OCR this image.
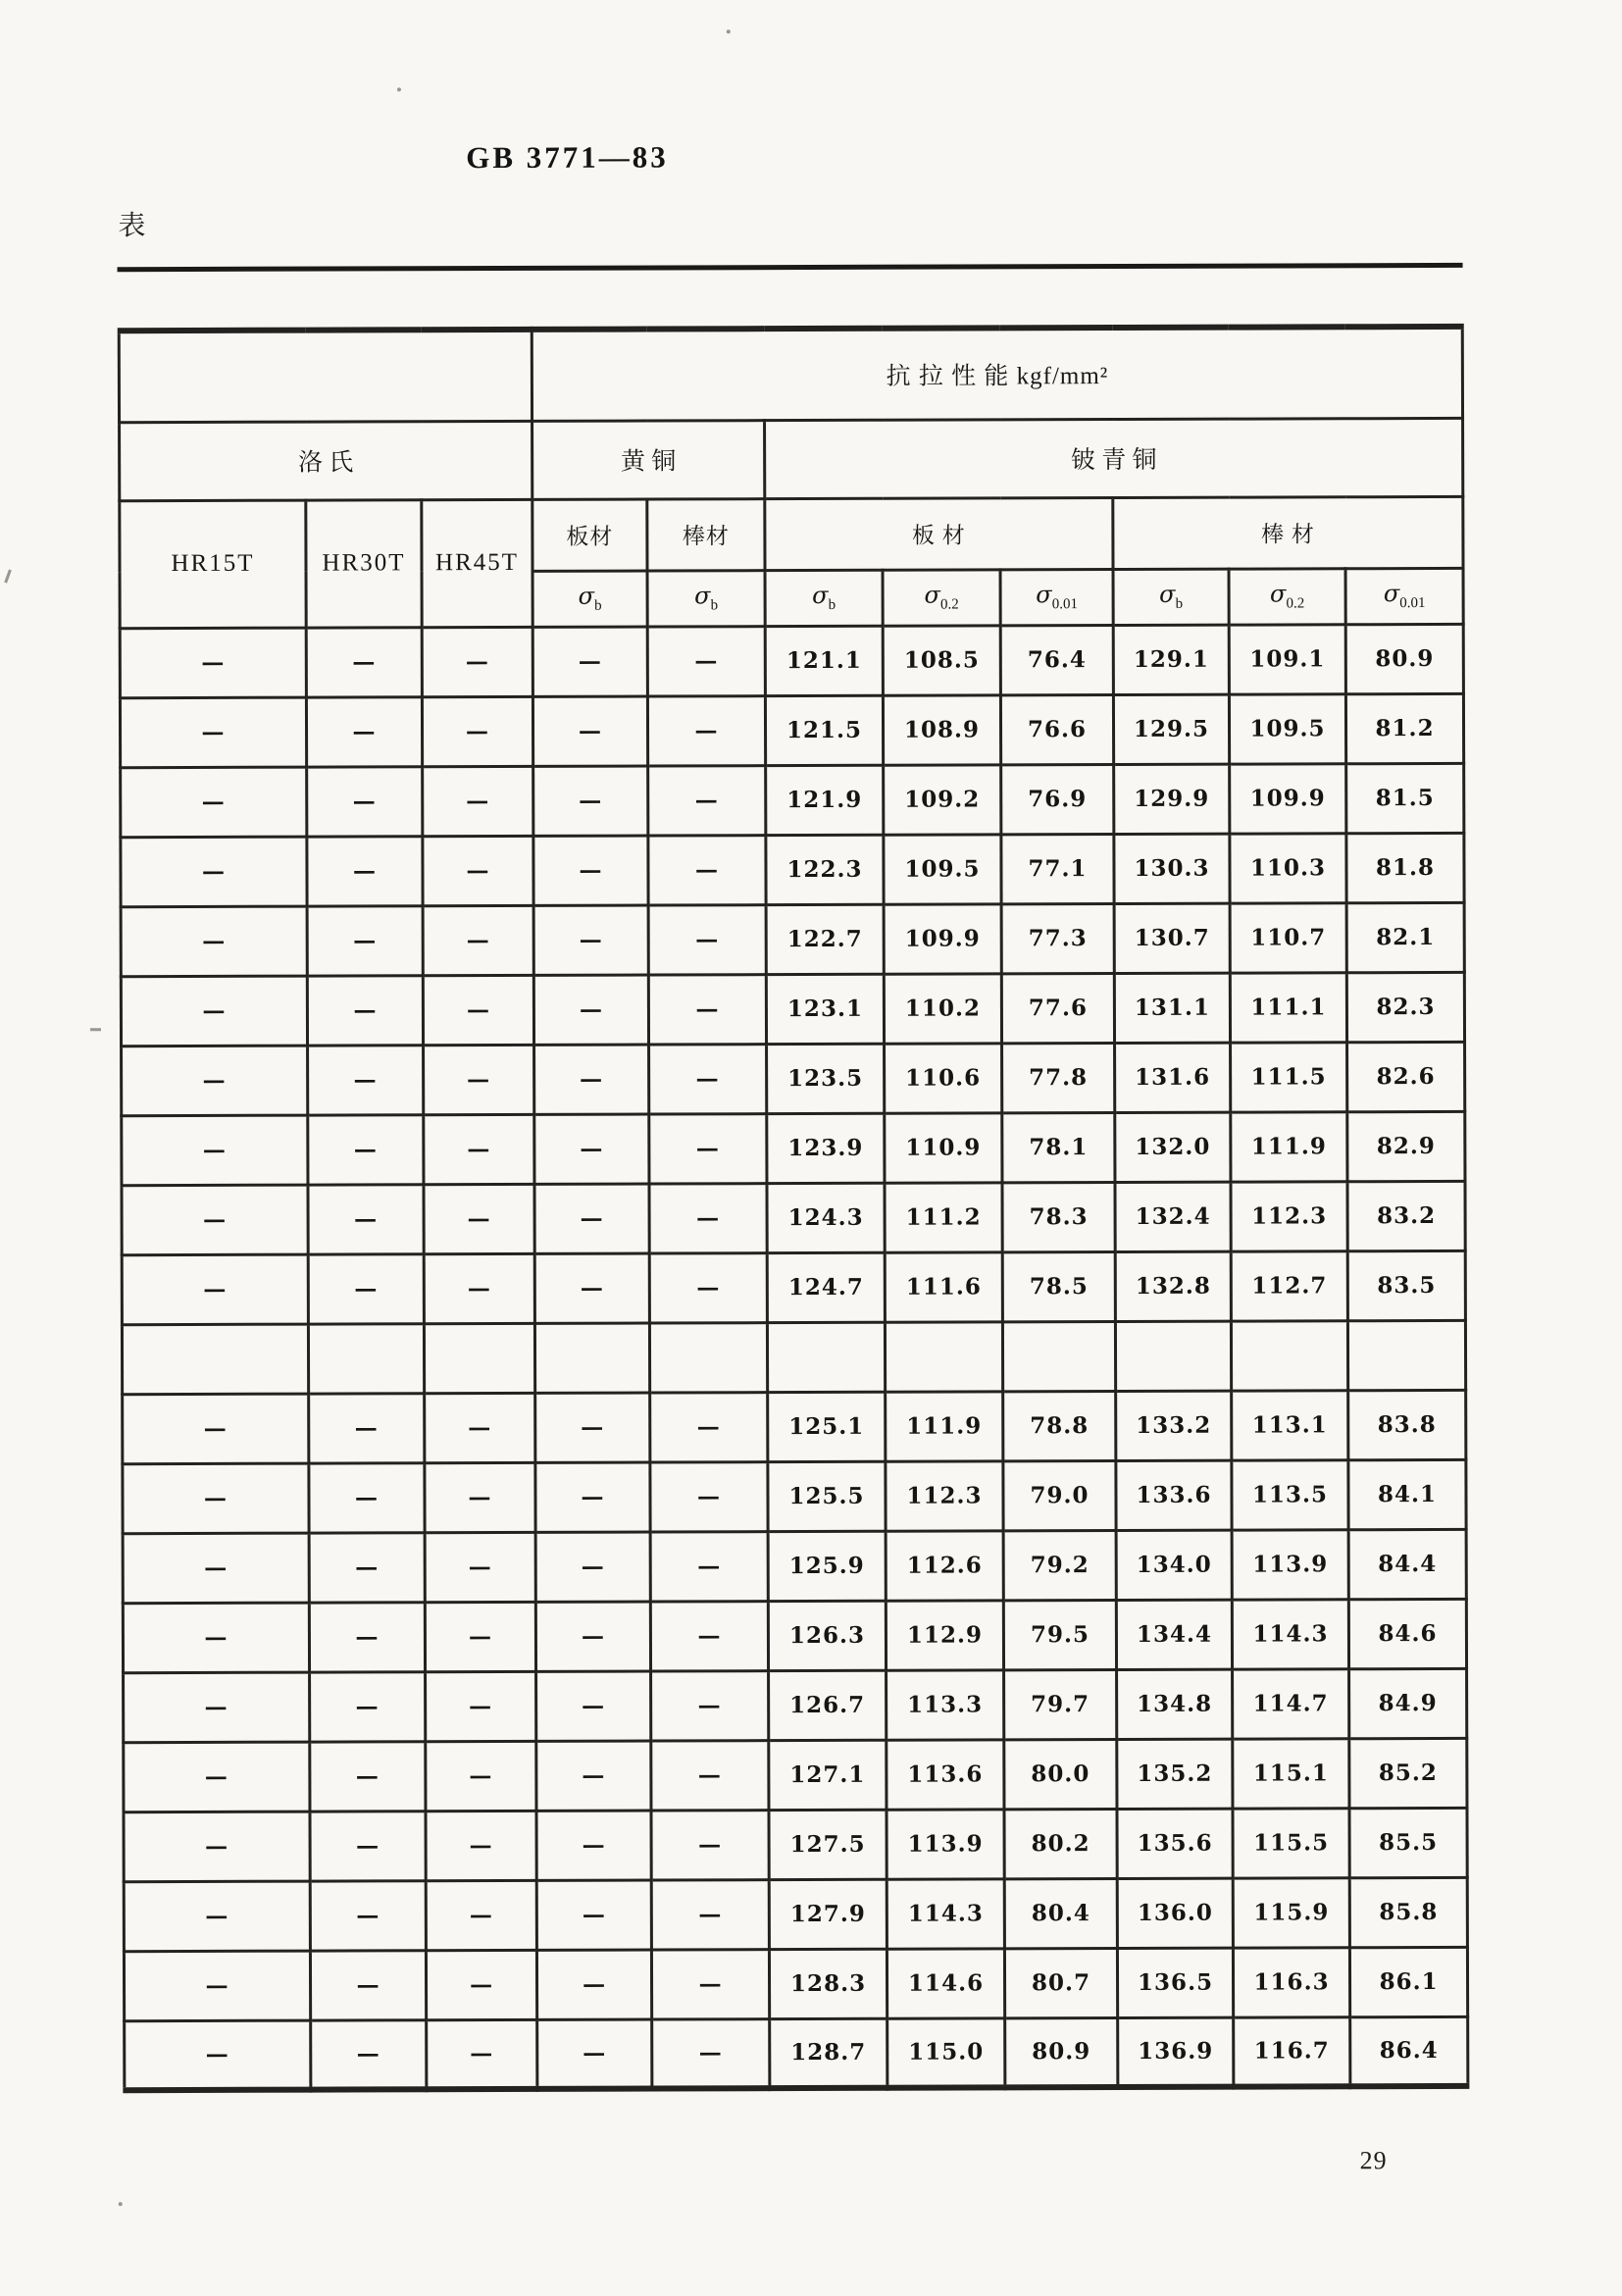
GB 3771—83
表
			抗 拉 性 能 kgf/mm²							
洛 氏			黄 铜		铍 青 铜					
HR15T	HR30T	HR45T	板材	棒材	板 材			棒 材		
			$\sigma_b$	$\sigma_b$	$\sigma_b$	$\sigma_{0.2}$	$\sigma_{0.01}$	$\sigma_b$	$\sigma_{0.2}$	$\sigma_{0.01}$
—	—	—	—	—	121.1	108.5	76.4	129.1	109.1	80.9
—	—	—	—	—	121.5	108.9	76.6	129.5	109.5	81.2
—	—	—	—	—	121.9	109.2	76.9	129.9	109.9	81.5
—	—	—	—	—	122.3	109.5	77.1	130.3	110.3	81.8
—	—	—	—	—	122.7	109.9	77.3	130.7	110.7	82.1
—	—	—	—	—	123.1	110.2	77.6	131.1	111.1	82.3
—	—	—	—	—	123.5	110.6	77.8	131.6	111.5	82.6
—	—	—	—	—	123.9	110.9	78.1	132.0	111.9	82.9
—	—	—	—	—	124.3	111.2	78.3	132.4	112.3	83.2
—	—	—	—	—	124.7	111.6	78.5	132.8	112.7	83.5

—	—	—	—	—	125.1	111.9	78.8	133.2	113.1	83.8
—	—	—	—	—	125.5	112.3	79.0	133.6	113.5	84.1
—	—	—	—	—	125.9	112.6	79.2	134.0	113.9	84.4
—	—	—	—	—	126.3	112.9	79.5	134.4	114.3	84.6
—	—	—	—	—	126.7	113.3	79.7	134.8	114.7	84.9
—	—	—	—	—	127.1	113.6	80.0	135.2	115.1	85.2
—	—	—	—	—	127.5	113.9	80.2	135.6	115.5	85.5
—	—	—	—	—	127.9	114.3	80.4	136.0	115.9	85.8
—	—	—	—	—	128.3	114.6	80.7	136.5	116.3	86.1
—	—	—	—	—	128.7	115.0	80.9	136.9	116.7	86.4
29
